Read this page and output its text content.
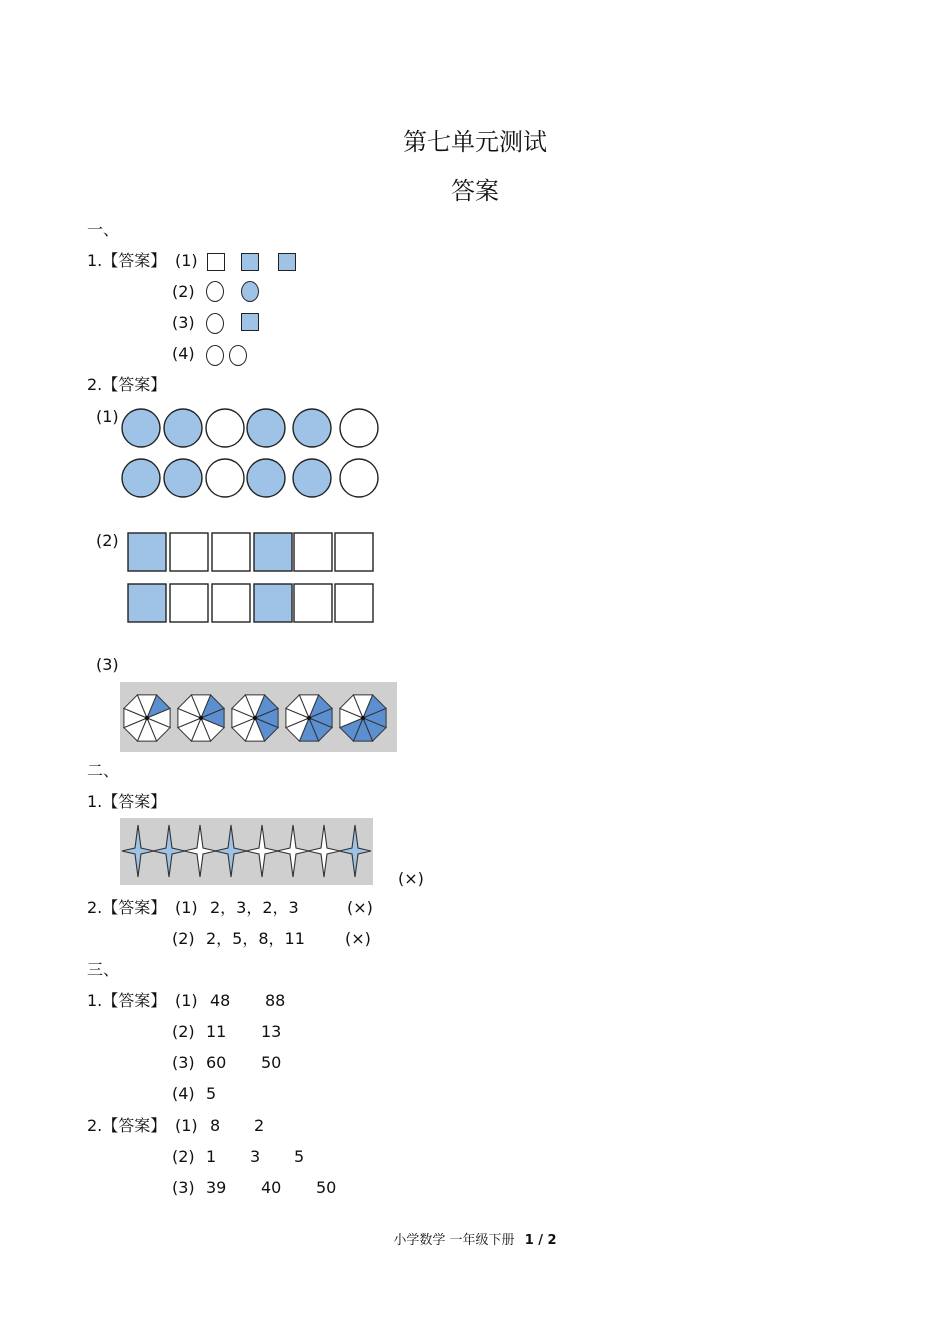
第七单元测试
答案
一、
1.【答案】 (1)
(2)
(3)
(4)
2.【答案】
(1)
(2)
(3)
二、
1.【答案】
(×)
2.【答案】 (1) 2，3，2，3	(×)
(2) 2，5，8，11	(×)
三、
1.【答案】 (1) 48 88
(2) 11 13
(3) 60 50
(4) 5
2.【答案】 (1) 8 2
(2) 1 3 5
(3) 39 40 50
小学数学 一年级下册 1 / 2
